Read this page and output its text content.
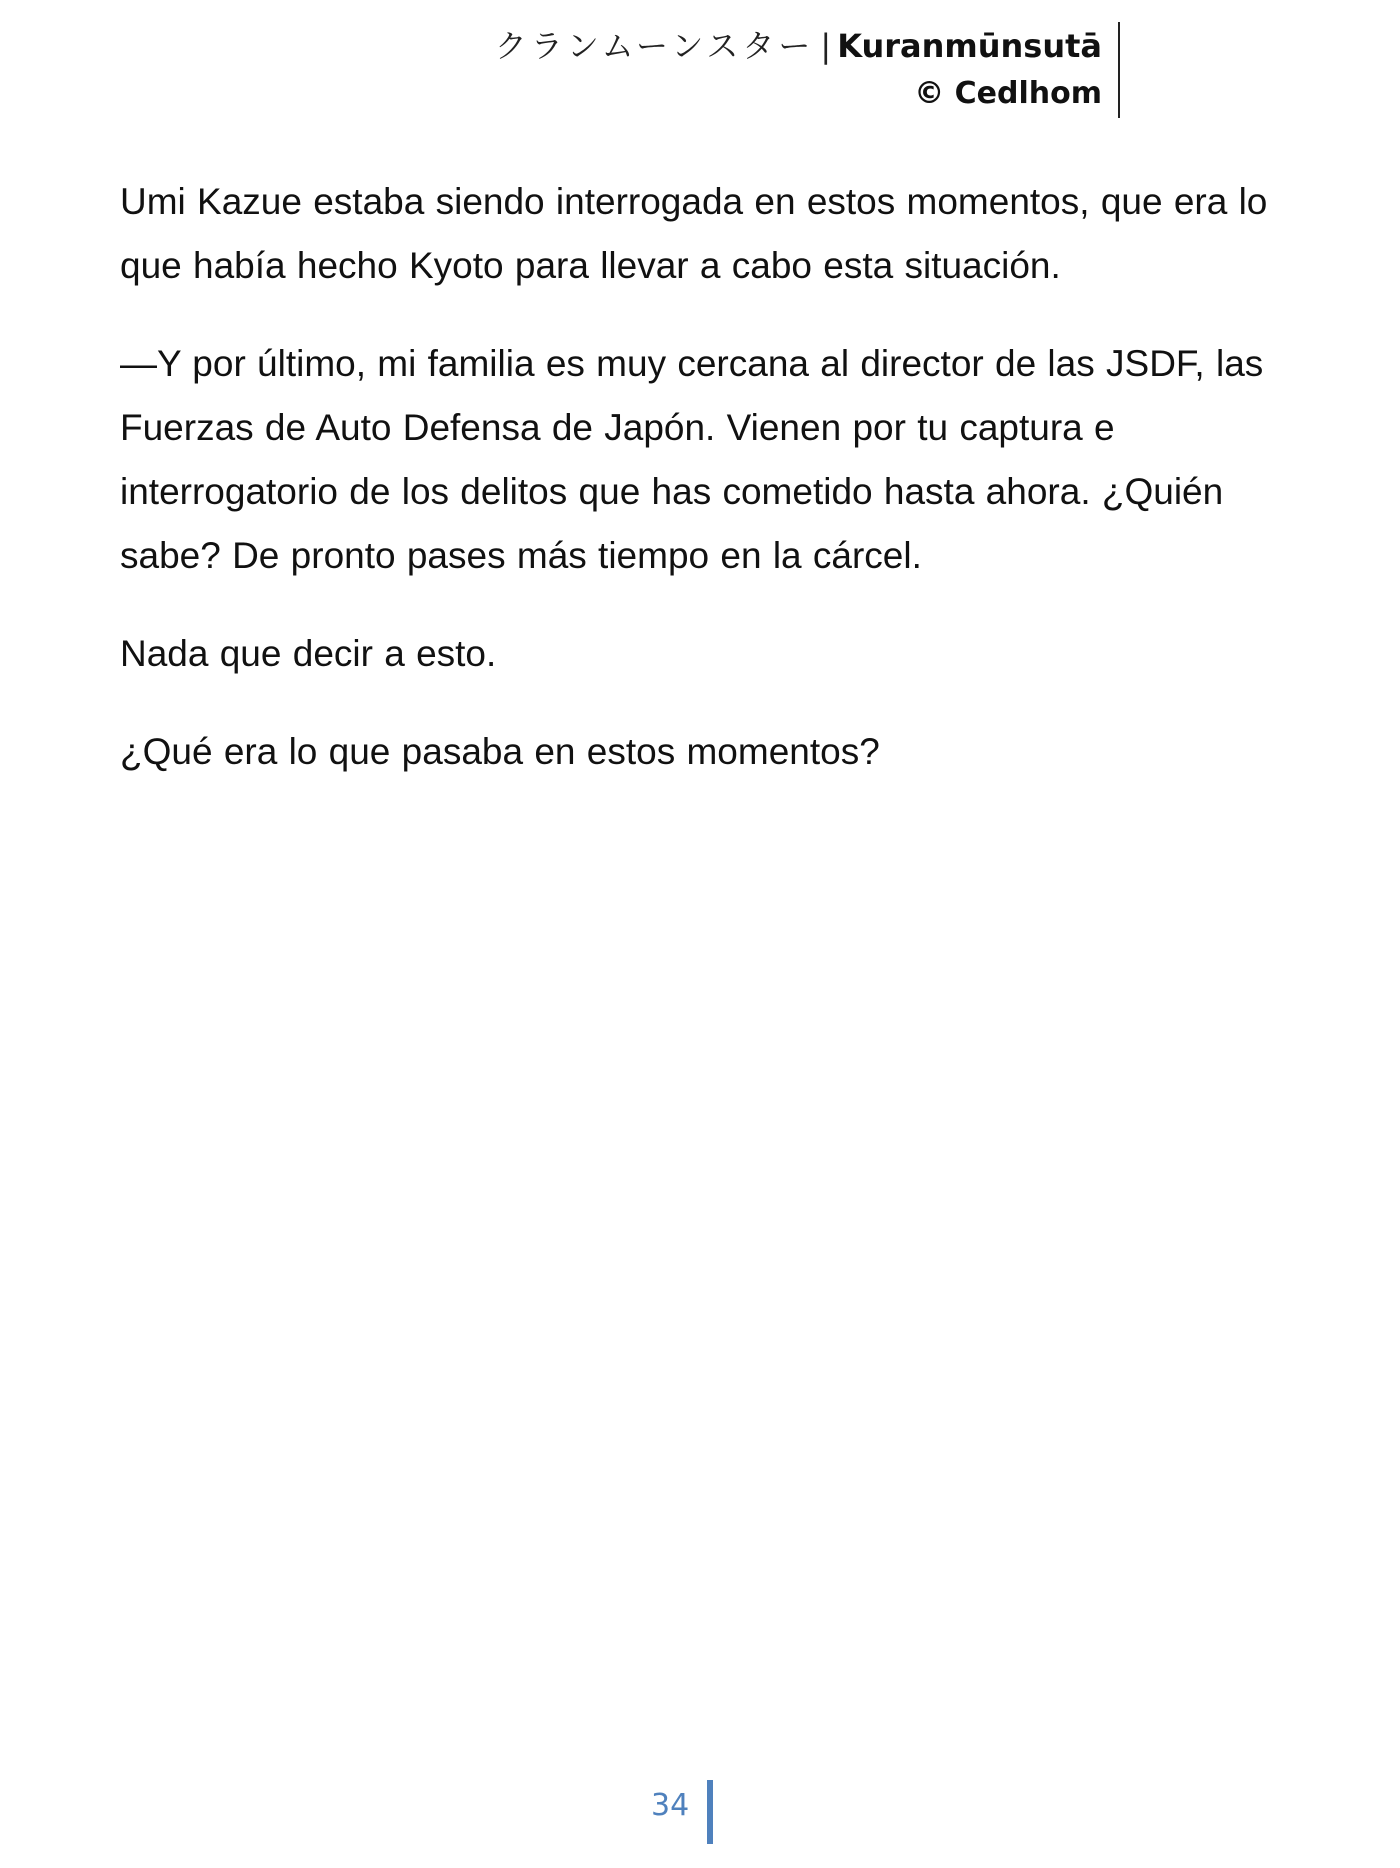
クランムーンスター | Kuranmūnsutā
© Cedlhom

Umi Kazue estaba siendo interrogada en estos momentos, que era lo que había hecho Kyoto para llevar a cabo esta situación.

—Y por último, mi familia es muy cercana al director de las JSDF, las Fuerzas de Auto Defensa de Japón. Vienen por tu captura e interrogatorio de los delitos que has cometido hasta ahora. ¿Quién sabe? De pronto pases más tiempo en la cárcel.

Nada que decir a esto.

¿Qué era lo que pasaba en estos momentos?

34
